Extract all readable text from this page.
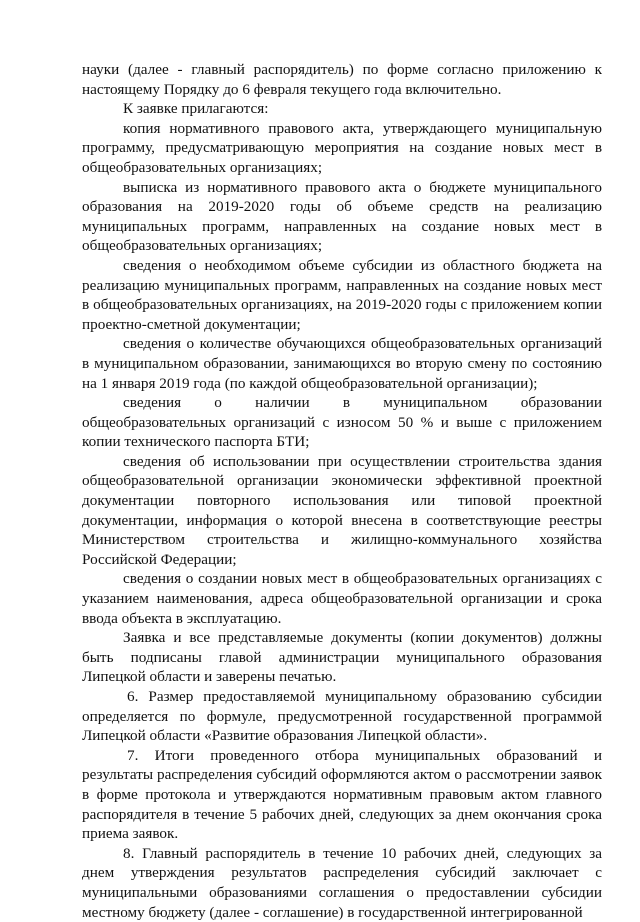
науки (далее - главный распорядитель) по форме согласно приложению к настоящему Порядку до 6 февраля текущего года включительно.

К заявке прилагаются:

копия нормативного правового акта, утверждающего муниципальную программу, предусматривающую мероприятия на создание новых мест в общеобразовательных организациях;

выписка из нормативного правового акта о бюджете муниципального образования на 2019-2020 годы об объеме средств на реализацию муниципальных программ, направленных на создание новых мест в общеобразовательных организациях;

сведения о необходимом объеме субсидии из областного бюджета на реализацию муниципальных программ, направленных на создание новых мест в общеобразовательных организациях, на 2019-2020 годы с приложением копии проектно-сметной документации;

сведения о количестве обучающихся общеобразовательных организаций в муниципальном образовании, занимающихся во вторую смену по состоянию на 1 января 2019 года (по каждой общеобразовательной организации);

сведения о наличии в муниципальном образовании общеобразовательных организаций с износом 50 % и выше с приложением копии технического паспорта БТИ;

сведения об использовании при осуществлении строительства здания общеобразовательной организации экономически эффективной проектной документации повторного использования или типовой проектной документации, информация о которой внесена в соответствующие реестры Министерством строительства и жилищно-коммунального хозяйства Российской Федерации;

сведения о создании новых мест в общеобразовательных организациях с указанием наименования, адреса общеобразовательной организации и срока ввода объекта в эксплуатацию.

Заявка и все представляемые документы (копии документов) должны быть подписаны главой администрации муниципального образования Липецкой области и заверены печатью.

6. Размер предоставляемой муниципальному образованию субсидии определяется по формуле, предусмотренной государственной программой Липецкой области «Развитие образования Липецкой области».

7. Итоги проведенного отбора муниципальных образований и результаты распределения субсидий оформляются актом о рассмотрении заявок в форме протокола и утверждаются нормативным правовым актом главного распорядителя в течение 5 рабочих дней, следующих за днем окончания срока приема заявок.

8. Главный распорядитель в течение 10 рабочих дней, следующих за днем утверждения результатов распределения субсидий заключает с муниципальными образованиями соглашения о предоставлении субсидии местному бюджету (далее - соглашение) в государственной интегрированной
